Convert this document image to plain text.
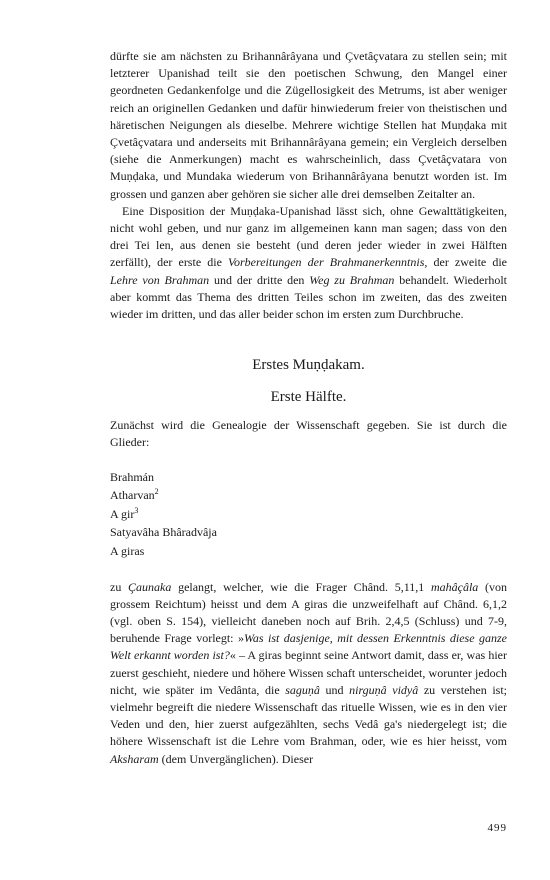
dürfte sie am nächsten zu Brihannârâyana und Çvetâçvatara zu stellen sein; mit letzterer Upanishad teilt sie den poetischen Schwung, den Mangel einer geordneten Gedankenfolge und die Zügellosigkeit des Metrums, ist aber weniger reich an originellen Gedanken und dafür hinwiederum freier von theistischen und häretischen Neigungen als dieselbe. Mehrere wichtige Stellen hat Muṇḍaka mit Çvetâçvatara und anderseits mit Brihannârâyana gemein; ein Vergleich derselben (siehe die Anmerkungen) macht es wahrscheinlich, dass Çvetâçvatara von Muṇḍaka, und Mundaka wiederum von Brihannârâyana benutzt worden ist. Im grossen und ganzen aber gehören sie sicher alle drei demselben Zeitalter an.

Eine Disposition der Muṇḍaka-Upanishad lässt sich, ohne Gewalttätigkeiten, nicht wohl geben, und nur ganz im allgemeinen kann man sagen; dass von den drei Tei len, aus denen sie besteht (und deren jeder wieder in zwei Hälften zerfällt), der erste die Vorbereitungen der Brahmanerkenntnis, der zweite die Lehre von Brahman und der dritte den Weg zu Brahman behandelt. Wiederholt aber kommt das Thema des dritten Teiles schon im zweiten, das des zweiten wieder im dritten, und das aller beider schon im ersten zum Durchbruche.

Erstes Muṇḍakam.
Erste Hälfte.

Zunächst wird die Genealogie der Wissenschaft gegeben. Sie ist durch die Glieder:

Brahmán
Atharvan$^2$
A gir$^3$
Satyavâha Bhâradvâja
A giras

zu Çaunaka gelangt, welcher, wie die Frager Chând. 5,11,1 mahâçâla (von grossem Reichtum) heisst und dem A giras die unzweifelhaft auf Chând. 6,1,2 (vgl. oben S. 154), vielleicht daneben noch auf Brih. 2,4,5 (Schluss) und 7-9, beruhende Frage vorlegt: »Was ist dasjenige, mit dessen Erkenntnis diese ganze Welt erkannt worden ist?« – A giras beginnt seine Antwort damit, dass er, was hier zuerst geschieht, niedere und höhere Wissen schaft unterscheidet, worunter jedoch nicht, wie später im Vedânta, die saguṇâ und nirguṇâ vidyâ zu verstehen ist; vielmehr begreift die niedere Wissenschaft das rituelle Wissen, wie es in den vier Veden und den, hier zuerst aufgezählten, sechs Vedâ ga's niedergelegt ist; die höhere Wissenschaft ist die Lehre vom Brahman, oder, wie es hier heisst, vom Aksharam (dem Unvergänglichen). Dieser

499
